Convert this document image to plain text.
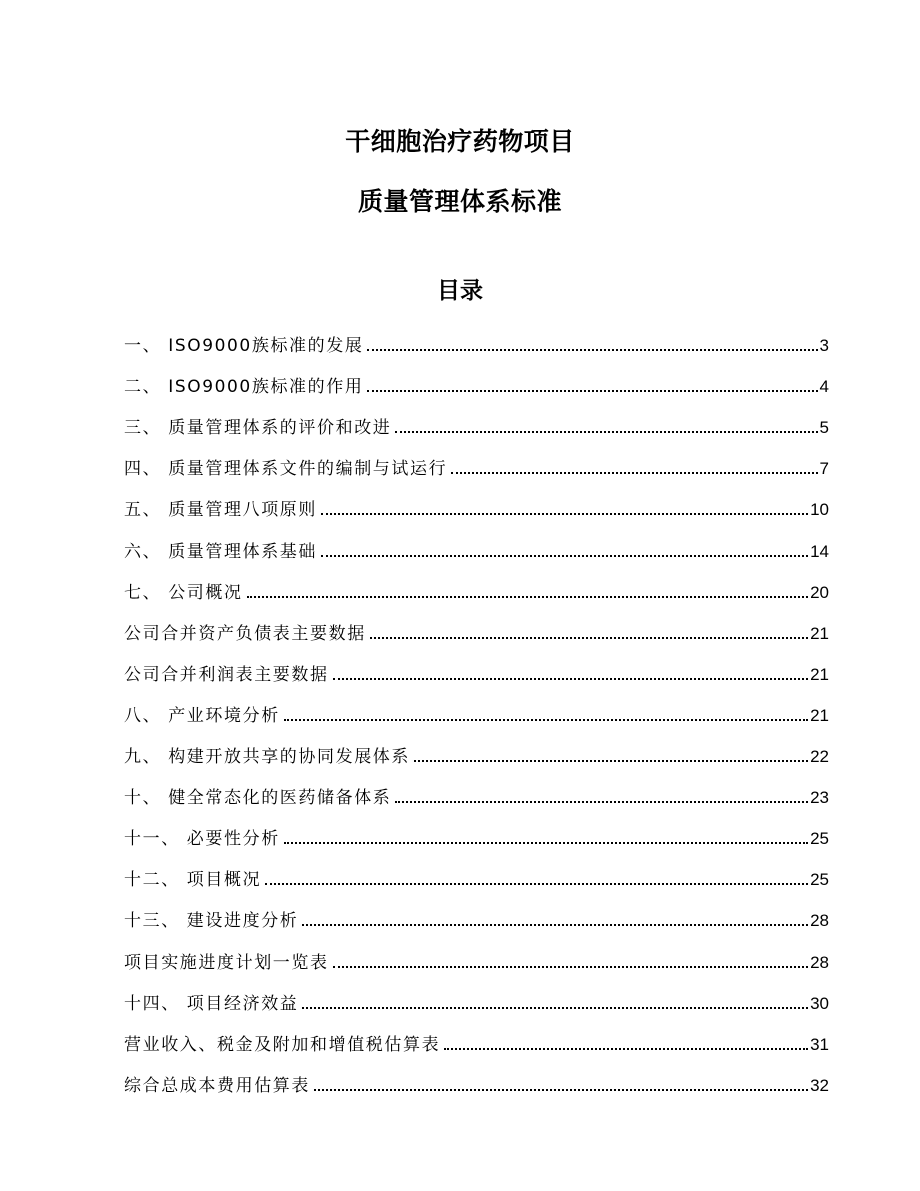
干细胞治疗药物项目
质量管理体系标准
目录
一、 ISO9000族标准的发展	3
二、 ISO9000族标准的作用	4
三、 质量管理体系的评价和改进	5
四、 质量管理体系文件的编制与试运行	7
五、 质量管理八项原则	10
六、 质量管理体系基础	14
七、 公司概况	20
公司合并资产负债表主要数据	21
公司合并利润表主要数据	21
八、 产业环境分析	21
九、 构建开放共享的协同发展体系	22
十、 健全常态化的医药储备体系	23
十一、 必要性分析	25
十二、 项目概况	25
十三、 建设进度分析	28
项目实施进度计划一览表	28
十四、 项目经济效益	30
营业收入、税金及附加和增值税估算表	31
综合总成本费用估算表	32
